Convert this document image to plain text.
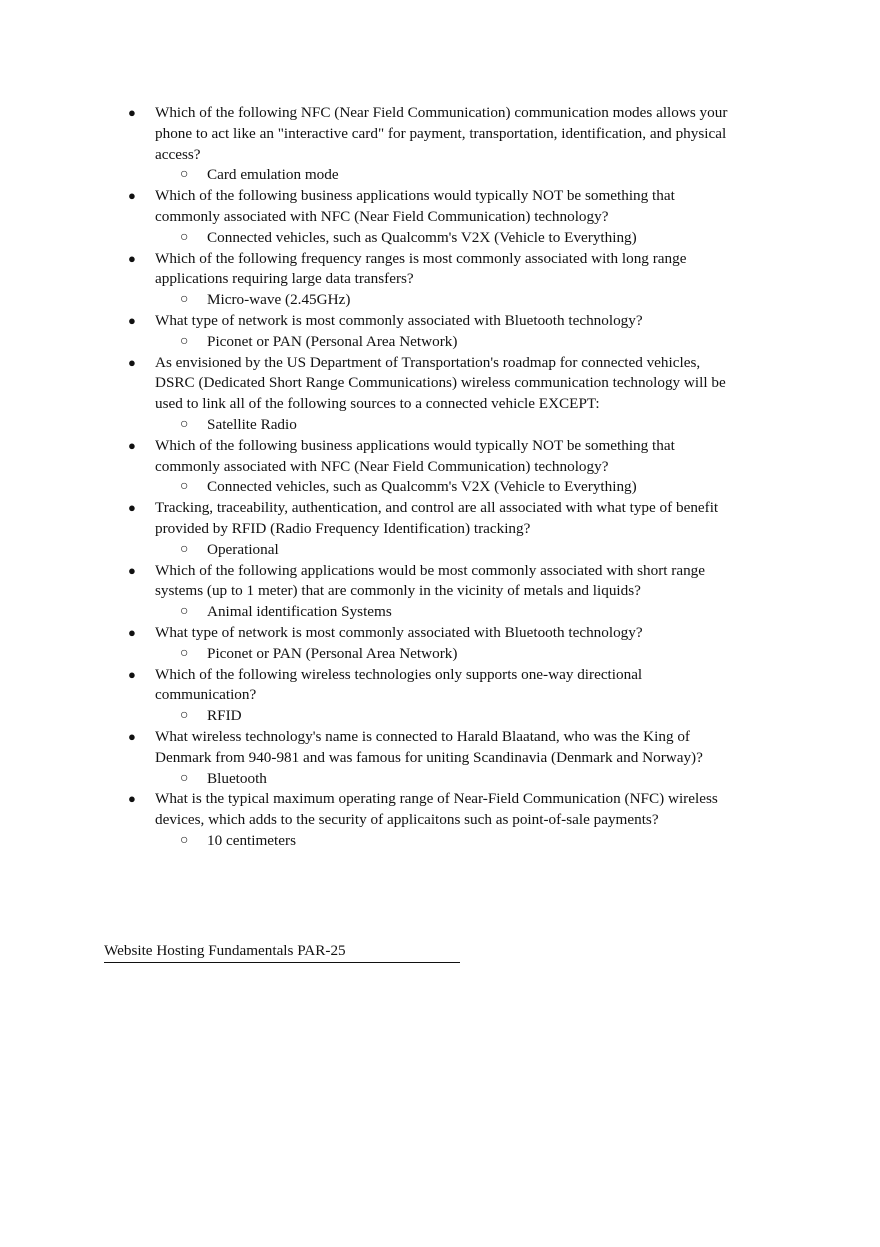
● Which of the following NFC (Near Field Communication) communication modes allows your phone to act like an "interactive card" for payment, transportation, identification, and physical access?
○ Card emulation mode
● Which of the following business applications would typically NOT be something that commonly associated with NFC (Near Field Communication) technology?
○ Connected vehicles, such as Qualcomm's V2X (Vehicle to Everything)
● Which of the following frequency ranges is most commonly associated with long range applications requiring large data transfers?
○ Micro-wave (2.45GHz)
● What type of network is most commonly associated with Bluetooth technology?
○ Piconet or PAN (Personal Area Network)
● As envisioned by the US Department of Transportation's roadmap for connected vehicles, DSRC (Dedicated Short Range Communications) wireless communication technology will be used to link all of the following sources to a connected vehicle EXCEPT:
○ Satellite Radio
● Which of the following business applications would typically NOT be something that commonly associated with NFC (Near Field Communication) technology?
○ Connected vehicles, such as Qualcomm's V2X (Vehicle to Everything)
● Tracking, traceability, authentication, and control are all associated with what type of benefit provided by RFID (Radio Frequency Identification) tracking?
○ Operational
● Which of the following applications would be most commonly associated with short range systems (up to 1 meter) that are commonly in the vicinity of metals and liquids?
○ Animal identification Systems
● What type of network is most commonly associated with Bluetooth technology?
○ Piconet or PAN (Personal Area Network)
● Which of the following wireless technologies only supports one-way directional communication?
○ RFID
● What wireless technology's name is connected to Harald Blaatand, who was the King of Denmark from 940-981 and was famous for uniting Scandinavia (Denmark and Norway)?
○ Bluetooth
● What is the typical maximum operating range of Near-Field Communication (NFC) wireless devices, which adds to the security of applicaitons such as point-of-sale payments?
○ 10 centimeters
Website Hosting Fundamentals PAR-25
